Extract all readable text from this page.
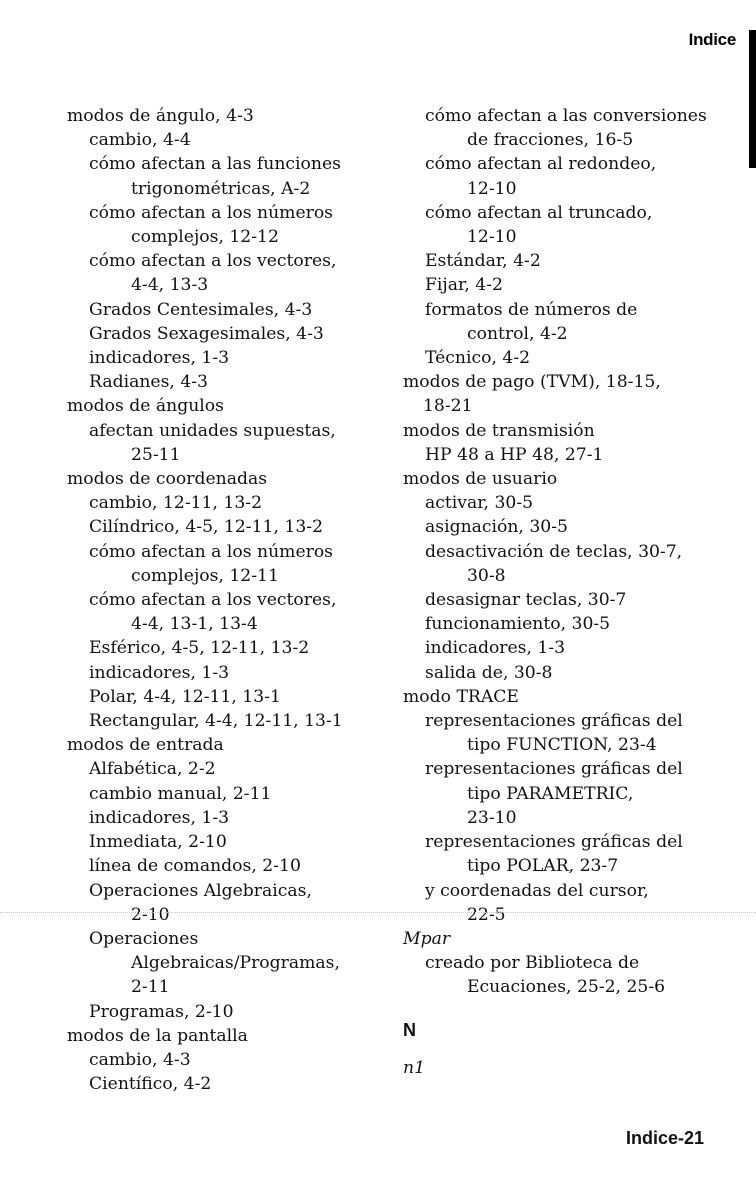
Indice
modos de ángulo, 4-3
cambio, 4-4
cómo afectan a las funciones
trigonométricas, A-2
cómo afectan a los números
complejos, 12-12
cómo afectan a los vectores,
4-4, 13-3
Grados Centesimales, 4-3
Grados Sexagesimales, 4-3
indicadores, 1-3
Radianes, 4-3
modos de ángulos
afectan unidades supuestas,
25-11
modos de coordenadas
cambio, 12-11, 13-2
Cilíndrico, 4-5, 12-11, 13-2
cómo afectan a los números
complejos, 12-11
cómo afectan a los vectores,
4-4, 13-1, 13-4
Esférico, 4-5, 12-11, 13-2
indicadores, 1-3
Polar, 4-4, 12-11, 13-1
Rectangular, 4-4, 12-11, 13-1
modos de entrada
Alfabética, 2-2
cambio manual, 2-11
indicadores, 1-3
Inmediata, 2-10
línea de comandos, 2-10
Operaciones Algebraicas,
2-10
Operaciones
Algebraicas/Programas,
2-11
Programas, 2-10
modos de la pantalla
cambio, 4-3
Científico, 4-2
cómo afectan a las conversiones
de fracciones, 16-5
cómo afectan al redondeo,
12-10
cómo afectan al truncado,
12-10
Estándar, 4-2
Fijar, 4-2
formatos de números de
control, 4-2
Técnico, 4-2
modos de pago (TVM), 18-15,
18-21
modos de transmisión
HP 48 a HP 48, 27-1
modos de usuario
activar, 30-5
asignación, 30-5
desactivación de teclas, 30-7,
30-8
desasignar teclas, 30-7
funcionamiento, 30-5
indicadores, 1-3
salida de, 30-8
modo TRACE
representaciones gráficas del
tipo FUNCTION, 23-4
representaciones gráficas del
tipo PARAMETRIC,
23-10
representaciones gráficas del
tipo POLAR, 23-7
y coordenadas del cursor,
22-5
Mpar
creado por Biblioteca de
Ecuaciones, 25-2, 25-6
N
n1
Indice-21
